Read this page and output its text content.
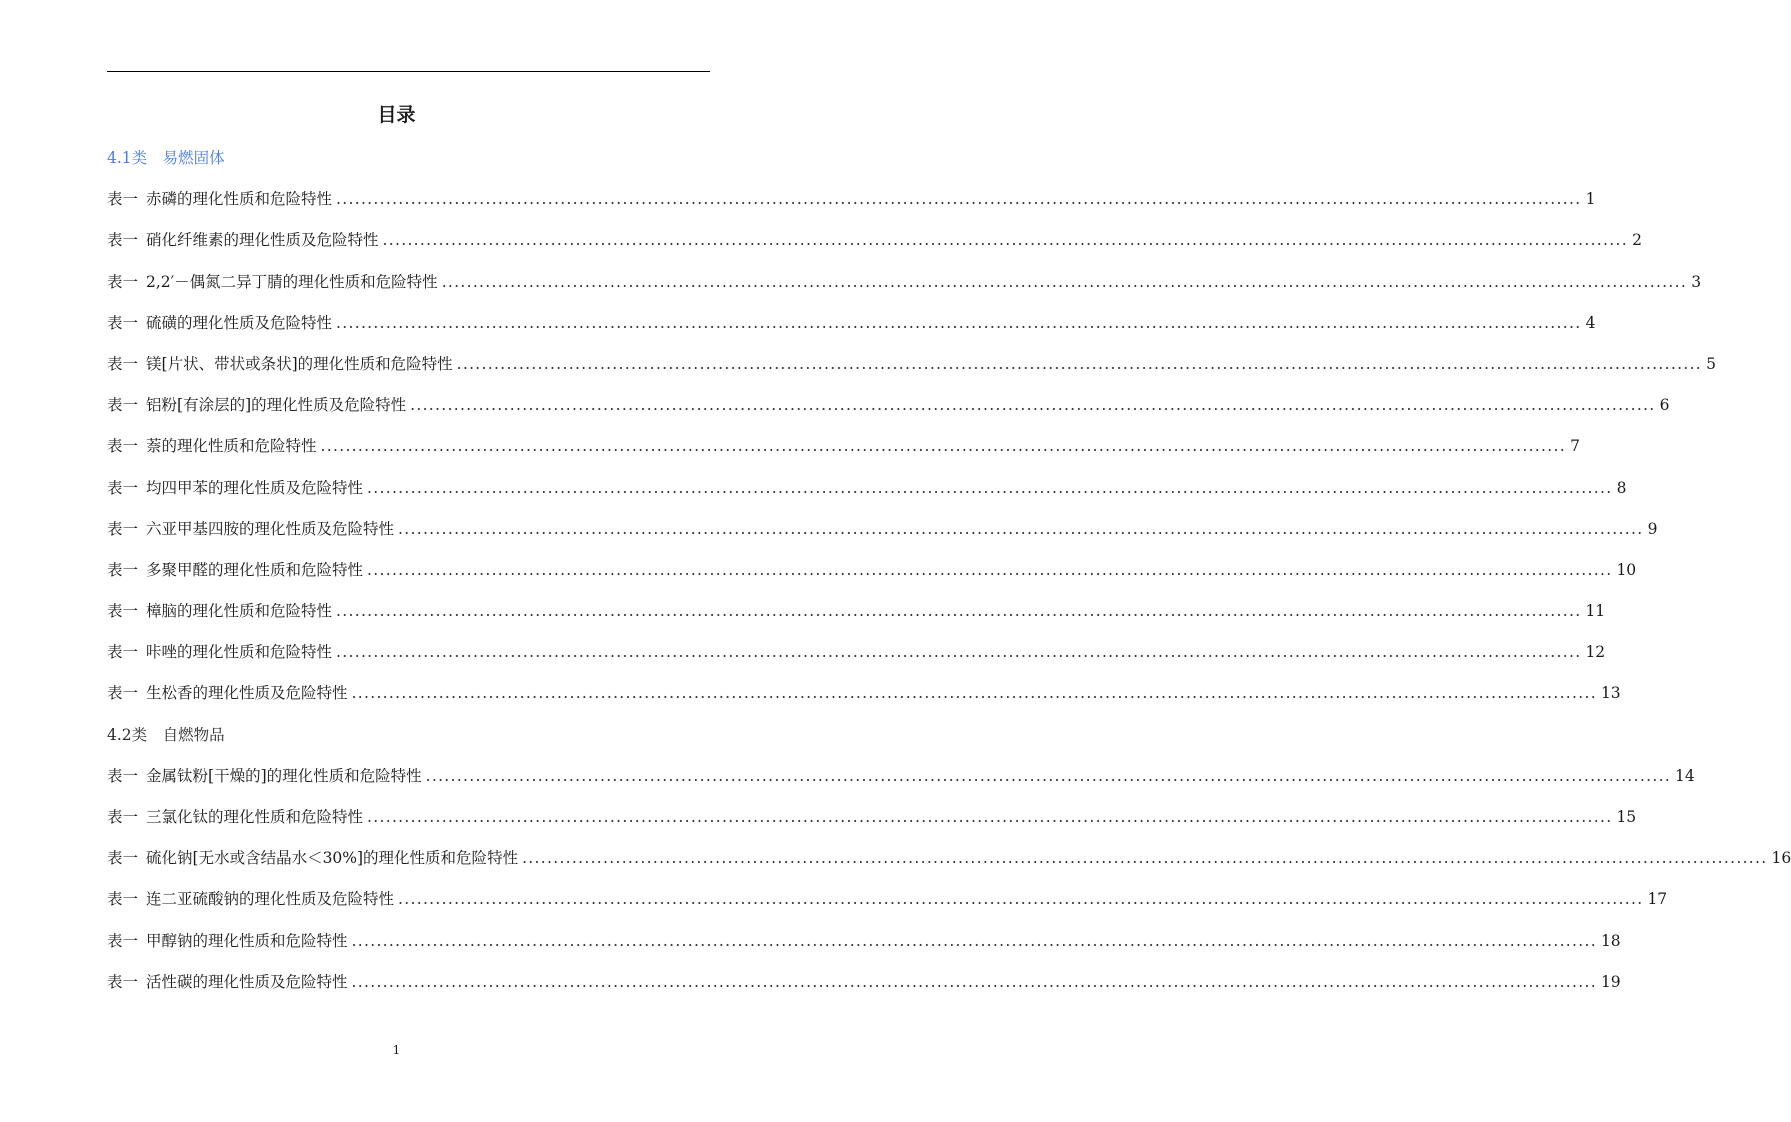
目录
4.1类　易燃固体
表一 赤磷的理化性质和危险特性 ........................................................................................................................................................................................................ 1
表一 硝化纤维素的理化性质及危险特性 ........................................................................................................................................................................................................ 2
表一 2,2′－偶氮二异丁腈的理化性质和危险特性 ........................................................................................................................................................................................................ 3
表一 硫磺的理化性质及危险特性 ........................................................................................................................................................................................................ 4
表一 镁[片状、带状或条状]的理化性质和危险特性 ........................................................................................................................................................................................................ 5
表一 铝粉[有涂层的]的理化性质及危险特性 ........................................................................................................................................................................................................ 6
表一 萘的理化性质和危险特性 ........................................................................................................................................................................................................ 7
表一 均四甲苯的理化性质及危险特性 ........................................................................................................................................................................................................ 8
表一 六亚甲基四胺的理化性质及危险特性 ........................................................................................................................................................................................................ 9
表一 多聚甲醛的理化性质和危险特性 ........................................................................................................................................................................................................ 10
表一 樟脑的理化性质和危险特性 ........................................................................................................................................................................................................ 11
表一 咔唑的理化性质和危险特性 ........................................................................................................................................................................................................ 12
表一 生松香的理化性质及危险特性 ........................................................................................................................................................................................................ 13
4.2类　自燃物品
表一 金属钛粉[干燥的]的理化性质和危险特性 ........................................................................................................................................................................................................ 14
表一 三氯化钛的理化性质和危险特性 ........................................................................................................................................................................................................ 15
表一 硫化钠[无水或含结晶水＜30%]的理化性质和危险特性 ........................................................................................................................................................................................................ 16
表一 连二亚硫酸钠的理化性质及危险特性 ........................................................................................................................................................................................................ 17
表一 甲醇钠的理化性质和危险特性 ........................................................................................................................................................................................................ 18
表一 活性碳的理化性质及危险特性 ........................................................................................................................................................................................................ 19
1
